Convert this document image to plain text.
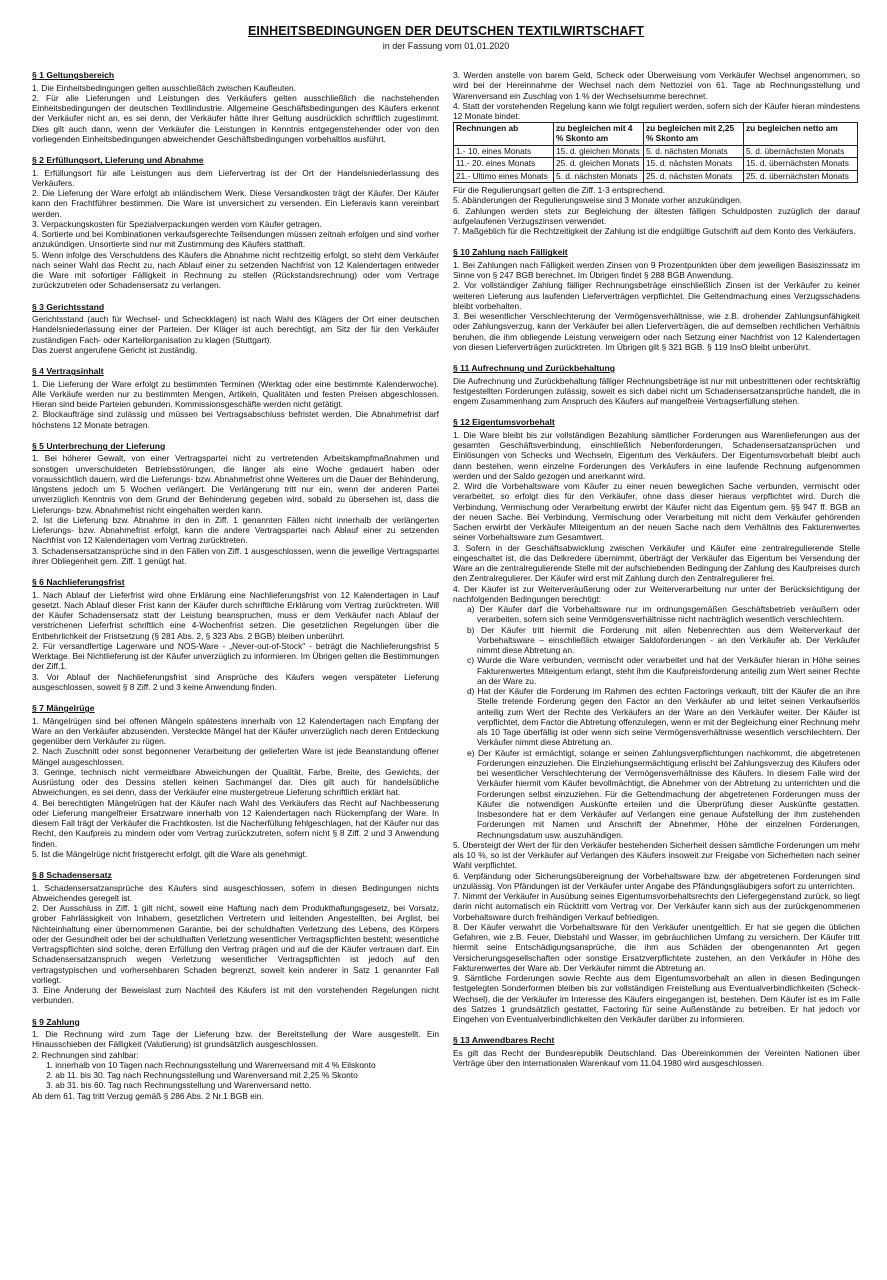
EINHEITSBEDINGUNGEN DER DEUTSCHEN TEXTILWIRTSCHAFT
in der Fassung vom 01.01.2020
§ 1 Geltungsbereich

1. Die Einheitsbedingungen gelten ausschließlich zwischen Kaufleuten.

2. Für alle Lieferungen und Leistungen des Verkäufers gelten ausschließlich die nachstehenden Einheitsbedingungen der deutschen Textilindustrie. Allgemeine Geschäftsbedingungen des Käufers erkennt der Verkäufer nicht an, es sei denn, der Verkäufer hätte ihrer Geltung ausdrücklich schriftlich zugestimmt. Dies gilt auch dann, wenn der Verkäufer die Leistungen in Kenntnis entgegenstehender oder von den vorliegenden Einheitsbedingungen abweichender Geschäftsbedingungen vorbehaltlos ausführt.

§ 2 Erfüllungsort, Lieferung und Abnahme

1. Erfüllungsort für alle Leistungen aus dem Liefervertrag ist der Ort der Handelsniederlassung des Verkäufers.

2. Die Lieferung der Ware erfolgt ab inländischem Werk. Diese Versandkosten trägt der Käufer. Der Käufer kann den Frachtführer bestimmen. Die Ware ist unversichert zu versenden. Ein Lieferavis kann vereinbart werden.

3. Verpackungskosten für Spezialverpackungen werden vom Käufer getragen.

4. Sortierte und bei Kombinationen verkaufsgerechte Teilsendungen müssen zeitnah erfolgen und sind vorher anzukündigen. Unsortierte sind nur mit Zustimmung des Käufers statthaft.

5. Wenn infolge des Verschuldens des Käufers die Abnahme nicht rechtzeitig erfolgt, so steht dem Verkäufer nach seiner Wahl das Recht zu, nach Ablauf einer zu setzenden Nachfrist von 12 Kalendertagen entweder die Ware mit sofortiger Fälligkeit in Rechnung zu stellen (Rückstandsrechnung) oder vom Vertrage zurückzutreten oder Schadensersatz zu verlangen.

§ 3 Gerichtsstand

Gerichtsstand (auch für Wechsel- und Scheckklagen) ist nach Wahl des Klägers der Ort einer deutschen Handelsniederlassung einer der Parteien. Der Kläger ist auch berechtigt, am Sitz der für den Verkäufer zuständigen Fach- oder Kartellorganisation zu klagen (Stuttgart).

Das zuerst angerufene Gericht ist zuständig.

§ 4 Vertragsinhalt

1. Die Lieferung der Ware erfolgt zu bestimmten Terminen (Werktag oder eine bestimmte Kalenderwoche). Alle Verkäufe werden nur zu bestimmten Mengen, Artikeln, Qualitäten und festen Preisen abgeschlossen. Hieran sind beide Parteien gebunden. Kommissionsgeschäfte werden nicht getätigt.

2. Blockaufträge sind zulässig und müssen bei Vertragsabschluss befristet werden. Die Abnahmefrist darf höchstens 12 Monate betragen.

§ 5 Unterbrechung der Lieferung

1. Bei höherer Gewalt, von einer Vertragspartei nicht zu vertretenden Arbeitskampfmaßnahmen und sonstigen unverschuldeten Betriebsstörungen, die länger als eine Woche gedauert haben oder voraussichtlich dauern, wird die Lieferungs- bzw. Abnahmefrist ohne Weiteres um die Dauer der Behinderung, längstens jedoch um 5 Wochen verlängert. Die Verlängerung tritt nur ein, wenn der anderen Partei unverzüglich Kenntnis von dem Grund der Behinderung gegeben wird, sobald zu übersehen ist, dass die Lieferungs- bzw. Abnahmefrist nicht eingehalten werden kann.

2. Ist die Lieferung bzw. Abnahme in den in Ziff. 1 genannten Fällen nicht innerhalb der verlängerten Lieferungs- bzw. Abnahmefrist erfolgt, kann die andere Vertragspartei nach Ablauf einer zu setzenden Nachfrist von 12 Kalendertagen vom Vertrag zurücktreten.

3. Schadensersatzansprüche sind in den Fällen von Ziff. 1 ausgeschlossen, wenn die jeweilige Vertragspartei ihrer Obliegenheit gem. Ziff. 1 genügt hat.

§ 6 Nachlieferungsfrist

1. Nach Ablauf der Lieferfrist wird ohne Erklärung eine Nachlieferungsfrist von 12 Kalendertagen in Lauf gesetzt. Nach Ablauf dieser Frist kann der Käufer durch schriftliche Erklärung vom Vertrag zurücktreten. Will der Käufer Schadensersatz statt der Leistung beanspruchen, muss er dem Verkäufer nach Ablauf der verstrichenen Lieferfrist schriftlich eine 4-Wochenfrist setzen. Die gesetzlichen Regelungen über die Entbehrlichkeit der Fristsetzung (§ 281 Abs. 2, § 323 Abs. 2 BGB) bleiben unberührt.

2. Für versandfertige Lagerware und NOS-Ware - „Never-out-of-Stock" - beträgt die Nachlieferungsfrist 5 Werktage. Bei Nichtlieferung ist der Käufer unverzüglich zu informieren. Im Übrigen gelten die Bestimmungen der Ziff.1.

3. Vor Ablauf der Nachlieferungsfrist sind Ansprüche des Käufers wegen verspäteter Lieferung ausgeschlossen, soweit § 8 Ziff. 2 und 3 keine Anwendung finden.

§ 7 Mängelrüge

1. Mängelrügen sind bei offenen Mängeln spätestens innerhalb von 12 Kalendertagen nach Empfang der Ware an den Verkäufer abzusenden. Versteckte Mängel hat der Käufer unverzüglich nach deren Entdeckung gegenüber dem Verkäufer zu rügen.

2. Nach Zuschnitt oder sonst begonnener Verarbeitung der gelieferten Ware ist jede Beanstandung offener Mängel ausgeschlossen.

3. Geringe, technisch nicht vermeidbare Abweichungen der Qualität, Farbe, Breite, des Gewichts, der Ausrüstung oder des Dessins stellen keinen Sachmangel dar. Dies gilt auch für handelsübliche Abweichungen, es sei denn, dass der Verkäufer eine mustergetreue Lieferung schriftlich erklärt hat.

4. Bei berechtigten Mängelrügen hat der Käufer nach Wahl des Verkäufers das Recht auf Nachbesserung oder Lieferung mangelfreier Ersatzware innerhalb von 12 Kalendertagen nach Rückempfang der Ware. In diesem Fall trägt der Verkäufer die Frachtkosten. Ist die Nacherfüllung fehlgeschlagen, hat der Käufer nur das Recht, den Kaufpreis zu mindern oder vom Vertrag zurückzutreten, sofern nicht § 8 Ziff. 2 und 3 Anwendung finden.

5. Ist die Mängelrüge nicht fristgerecht erfolgt, gilt die Ware als genehmigt.

§ 8 Schadensersatz

1. Schadensersatzansprüche des Käufers sind ausgeschlossen, sofern in diesen Bedingungen nichts Abweichendes geregelt ist.

2. Der Ausschluss in Ziff. 1 gilt nicht, soweit eine Haftung nach dem Produkthaftungsgesetz, bei Vorsatz, grober Fahrlässigkeit von Inhabern, gesetzlichen Vertretern und leitenden Angestellten, bei Arglist, bei Nichteinhaltung einer übernommenen Garantie, bei der schuldhaften Verletzung des Lebens, des Körpers oder der Gesundheit oder bei der schuldhaften Verletzung wesentlicher Vertragspflichten besteht; wesentliche Vertragspflichten sind solche, deren Erfüllung den Vertrag prägen und auf die der Käufer vertrauen darf. Ein Schadensersatzanspruch wegen Verletzung wesentlicher Vertragspflichten ist jedoch auf den vertragstypischen und vorhersehbaren Schaden begrenzt, soweit kein anderer in Satz 1 genannter Fall vorliegt.

3. Eine Änderung der Beweislast zum Nachteil des Käufers ist mit den vorstehenden Regelungen nicht verbunden.

§ 9 Zahlung

1. Die Rechnung wird zum Tage der Lieferung bzw. der Bereitstellung der Ware ausgestellt. Ein Hinausschieben der Fälligkeit (Valutierung) ist grundsätzlich ausgeschlossen.

2. Rechnungen sind zahlbar:

1. innerhalb von 10 Tagen nach Rechnungsstellung und Warenversand mit 4 % Eilskonto

2. ab 11. bis 30. Tag nach Rechnungsstellung und Warenversand mit 2,25 % Skonto

3. ab 31. bis 60. Tag nach Rechnungsstellung und Warenversand netto.

Ab dem 61. Tag tritt Verzug gemäß § 286 Abs. 2 Nr.1 BGB ein.

3. Werden anstelle von barem Geld, Scheck oder Überweisung vom Verkäufer Wechsel angenommen, so wird bei der Hereinnahme der Wechsel nach dem Nettoziel von 61. Tage ab Rechnungsstellung und Warenversand ein Zuschlag von 1 % der Wechselsumme berechnet.

4. Statt der vorstehenden Regelung kann wie folgt reguliert werden, sofern sich der Käufer hieran mindestens 12 Monate bindet:

Rechnungen ab	zu begleichen mit 4 % Skonto am	zu begleichen mit 2,25 % Skonto am	zu begleichen netto am
1.- 10. eines Monats	15. d. gleichen Monats	5. d. nächsten Monats	5. d. übernächsten Monats
11.- 20. eines Monats	25. d. gleichen Monats	15. d. nächsten Monats	15. d. übernächsten Monats
21.- Ultimo eines Monats	5. d. nächsten Monats	25. d. nächsten Monats	25. d. übernächsten Monats

Für die Regulierungsart gelten die Ziff. 1-3 entsprechend.

5. Abänderungen der Regulierungsweise sind 3 Monate vorher anzukündigen.

6. Zahlungen werden stets zur Begleichung der ältesten fälligen Schuldposten zuzüglich der darauf aufgelaufenen Verzugszinsen verwendet.

7. Maßgeblich für die Rechtzeitigkeit der Zahlung ist die endgültige Gutschrift auf dem Konto des Verkäufers.

§ 10 Zahlung nach Fälligkeit

1. Bei Zahlungen nach Fälligkeit werden Zinsen von 9 Prozentpunkten über dem jeweiligen Basiszinssatz im Sinne von § 247 BGB berechnet. Im Übrigen findet § 288 BGB Anwendung.

2. Vor vollständiger Zahlung fälliger Rechnungsbeträge einschließlich Zinsen ist der Verkäufer zu keiner weiteren Lieferung aus laufenden Lieferverträgen verpflichtet. Die Geltendmachung eines Verzugsschadens bleibt vorbehalten.

3. Bei wesentlicher Verschlechterung der Vermögensverhältnisse, wie z.B. drohender Zahlungsunfähigkeit oder Zahlungsverzug, kann der Verkäufer bei allen Lieferverträgen, die auf demselben rechtlichen Verhältnis beruhen, die ihm obliegende Leistung verweigern oder nach Setzung einer Nachfrist von 12 Kalendertagen von diesen Lieferverträgen zurücktreten. Im Übrigen gilt § 321 BGB. § 119 InsO bleibt unberührt.

§ 11 Aufrechnung und Zurückbehaltung

Die Aufrechnung und Zurückbehaltung fälliger Rechnungsbeträge ist nur mit unbestrittenen oder rechtskräftig festgestellten Forderungen zulässig, soweit es sich dabei nicht um Schadensersatzansprüche handelt, die in engem Zusammenhang zum Anspruch des Käufers auf mangelfreie Vertragserfüllung stehen.

§ 12 Eigentumsvorbehalt

1. Die Ware bleibt bis zur vollständigen Bezahlung sämtlicher Forderungen aus Warenlieferungen aus der gesamten Geschäftsverbindung, einschließlich Nebenforderungen, Schadensersatzansprüchen und Einlösungen von Schecks und Wechseln, Eigentum des Verkäufers. Der Eigentumsvorbehalt bleibt auch dann bestehen, wenn einzelne Forderungen des Verkäufers in eine laufende Rechnung aufgenommen werden und der Saldo gezogen und anerkannt wird.

2. Wird die Vorbehaltsware vom Käufer zu einer neuen beweglichen Sache verbunden, vermischt oder verarbeitet, so erfolgt dies für den Verkäufer, ohne dass dieser hieraus verpflichtet wird. Durch die Verbindung, Vermischung oder Verarbeitung erwirbt der Käufer nicht das Eigentum gem. §§ 947 ff. BGB an der neuen Sache. Bei Verbindung, Vermischung oder Verarbeitung mit nicht dem Verkäufer gehörenden Sachen erwirbt der Verkäufer Miteigentum an der neuen Sache nach dem Verhältnis des Fakturenwertes seiner Vorbehaltsware zum Gesamtwert.

3. Sofern in der Geschäftsabwicklung zwischen Verkäufer und Käufer eine zentralregulierende Stelle eingeschaltet ist, die das Delkredere übernimmt, überträgt der Verkäufer das Eigentum bei Versendung der Ware an die zentralregulierende Stelle mit der aufschiebenden Bedingung der Zahlung des Kaufpreises durch den Zentralregulierer. Der Käufer wird erst mit Zahlung durch den Zentralregulierer frei.

4. Der Käufer ist zur Weiterveräußerung oder zur Weiterverarbeitung nur unter der Berücksichtigung der nachfolgenden Bedingungen berechtigt:

a) Der Käufer darf die Vorbehaltsware nur im ordnungsgemäßen Geschäftsbetrieb veräußern oder verarbeiten, sofern sich seine Vermögensverhältnisse nicht nachträglich wesentlich verschlechtern.

b) Der Käufer tritt hiermit die Forderung mit allen Nebenrechten aus dem Weiterverkauf der Vorbehaltsware – einschließlich etwaiger Saldoforderungen - an den Verkäufer ab. Der Verkäufer nimmt diese Abtretung an.

c) Wurde die Ware verbunden, vermischt oder verarbeitet und hat der Verkäufer hieran in Höhe seines Fakturenwertes Miteigentum erlangt, steht ihm die Kaufpreisforderung anteilig zum Wert seiner Rechte an der Ware zu.

d) Hat der Käufer die Forderung im Rahmen des echten Factorings verkauft, tritt der Käufer die an ihre Stelle tretende Forderung gegen den Factor an den Verkäufer ab und leitet seinen Verkaufserlös anteilig zum Wert der Rechte des Verkäufers an der Ware an den Verkäufer weiter. Der Käufer ist verpflichtet, dem Factor die Abtretung offenzulegen, wenn er mit der Begleichung einer Rechnung mehr als 10 Tage überfällig ist oder wenn sich seine Vermögensverhältnisse wesentlich verschlechtern. Der Verkäufer nimmt diese Abtretung an.

e) Der Käufer ist ermächtigt, solange er seinen Zahlungsverpflichtungen nachkommt, die abgetretenen Forderungen einzuziehen. Die Einziehungsermächtigung erlischt bei Zahlungsverzug des Käufers oder bei wesentlicher Verschlechterung der Vermögensverhältnisse des Käufers. In diesem Falle wird der Verkäufer hiermit vom Käufer bevollmächtigt, die Abnehmer von der Abtretung zu unterrichten und die Forderungen selbst einzuziehen. Für die Geltendmachung der abgetretenen Forderungen muss der Käufer die notwendigen Auskünfte erteilen und die Überprüfung dieser Auskünfte gestatten. Insbesondere hat er dem Verkäufer auf Verlangen eine genaue Aufstellung der ihm zustehenden Forderungen mit Namen und Anschrift der Abnehmer, Höhe der einzelnen Forderungen, Rechnungsdatum usw. auszuhändigen.

5. Übersteigt der Wert der für den Verkäufer bestehenden Sicherheit dessen sämtliche Forderungen um mehr als 10 %, so ist der Verkäufer auf Verlangen des Käufers insoweit zur Freigabe von Sicherheiten nach seiner Wahl verpflichtet.

6. Verpfändung oder Sicherungsübereignung der Vorbehaltsware bzw. der abgetretenen Forderungen sind unzulässig. Von Pfändungen ist der Verkäufer unter Angabe des Pfändungsgläubigers sofort zu unterrichten.

7. Nimmt der Verkäufer in Ausübung seines Eigentumsvorbehaltsrechts den Liefergegenstand zurück, so liegt darin nicht automatisch ein Rücktritt vom Vertrag vor. Der Verkäufer kann sich aus der zurückgenommenen Vorbehaltsware durch freihändigen Verkauf befriedigen.

8. Der Käufer verwahrt die Vorbehaltsware für den Verkäufer unentgeltlich. Er hat sie gegen die üblichen Gefahren, wie z.B. Feuer, Diebstahl und Wasser, im gebräuchlichen Umfang zu versichern. Der Käufer tritt hiermit seine Entschädigungsansprüche, die ihm aus Schäden der obengenannten Art gegen Versicherungsgesellschaften oder sonstige Ersatzverpflichtete zustehen, an den Verkäufer in Höhe des Fakturenwertes der Ware ab. Der Verkäufer nimmt die Abtretung an.

9. Sämtliche Forderungen sowie Rechte aus dem Eigentumsvorbehalt an allen in diesen Bedingungen festgelegten Sonderformen bleiben bis zur vollständigen Freistellung aus Eventualverbindlichkeiten (Scheck-Wechsel), die der Verkäufer im Interesse des Käufers eingegangen ist, bestehen. Dem Käufer ist es im Falle des Satzes 1 grundsätzlich gestattet, Factoring für seine Außenstände zu betreiben. Er hat jedoch vor Eingehen von Eventualverbindlichkeiten den Verkäufer darüber zu informieren.

§ 13 Anwendbares Recht

Es gilt das Recht der Bundesrepublik Deutschland. Das Übereinkommen der Vereinten Nationen über Verträge über den internationalen Warenkauf vom 11.04.1980 wird ausgeschlossen.
